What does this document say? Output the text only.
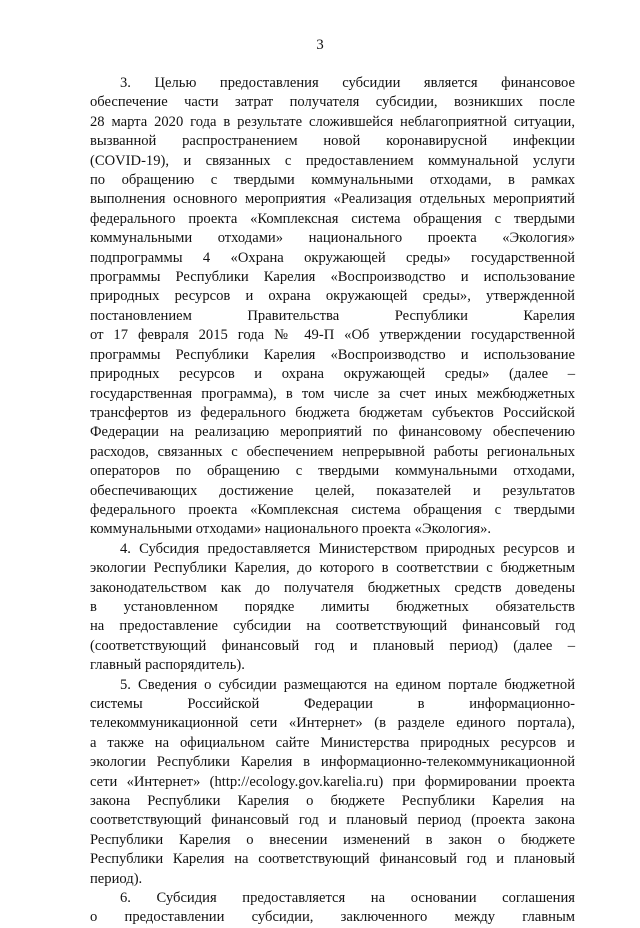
3
3. Целью предоставления субсидии является финансовое
обеспечение части затрат получателя субсидии, возникших после
28 марта 2020 года в результате сложившейся неблагоприятной ситуации,
вызванной распространением новой коронавирусной инфекции
(COVID-19), и связанных с предоставлением коммунальной услуги
по обращению с твердыми коммунальными отходами, в рамках
выполнения основного мероприятия «Реализация отдельных мероприятий
федерального проекта «Комплексная система обращения с твердыми
коммунальными отходами» национального проекта «Экология»
подпрограммы 4 «Охрана окружающей среды» государственной
программы Республики Карелия «Воспроизводство и использование
природных ресурсов и охрана окружающей среды», утвержденной
постановлением Правительства Республики Карелия
от 17 февраля 2015 года № 49-П «Об утверждении государственной
программы Республики Карелия «Воспроизводство и использование
природных ресурсов и охрана окружающей среды» (далее –
государственная программа), в том числе за счет иных межбюджетных
трансфертов из федерального бюджета бюджетам субъектов Российской
Федерации на реализацию мероприятий по финансовому обеспечению
расходов, связанных с обеспечением непрерывной работы региональных
операторов по обращению с твердыми коммунальными отходами,
обеспечивающих достижение целей, показателей и результатов
федерального проекта «Комплексная система обращения с твердыми
коммунальными отходами» национального проекта «Экология».
4. Субсидия предоставляется Министерством природных ресурсов и
экологии Республики Карелия, до которого в соответствии с бюджетным
законодательством как до получателя бюджетных средств доведены
в установленном порядке лимиты бюджетных обязательств
на предоставление субсидии на соответствующий финансовый год
(соответствующий финансовый год и плановый период) (далее –
главный распорядитель).
5. Сведения о субсидии размещаются на едином портале бюджетной
системы Российской Федерации в информационно-
телекоммуникационной сети «Интернет» (в разделе единого портала),
а также на официальном сайте Министерства природных ресурсов и
экологии Республики Карелия в информационно-телекоммуникационной
сети «Интернет» (http://ecology.gov.karelia.ru) при формировании проекта
закона Республики Карелия о бюджете Республики Карелия на
соответствующий финансовый год и плановый период (проекта закона
Республики Карелия о внесении изменений в закон о бюджете
Республики Карелия на соответствующий финансовый год и плановый
период).
6. Субсидия предоставляется на основании соглашения
о предоставлении субсидии, заключенного между главным
